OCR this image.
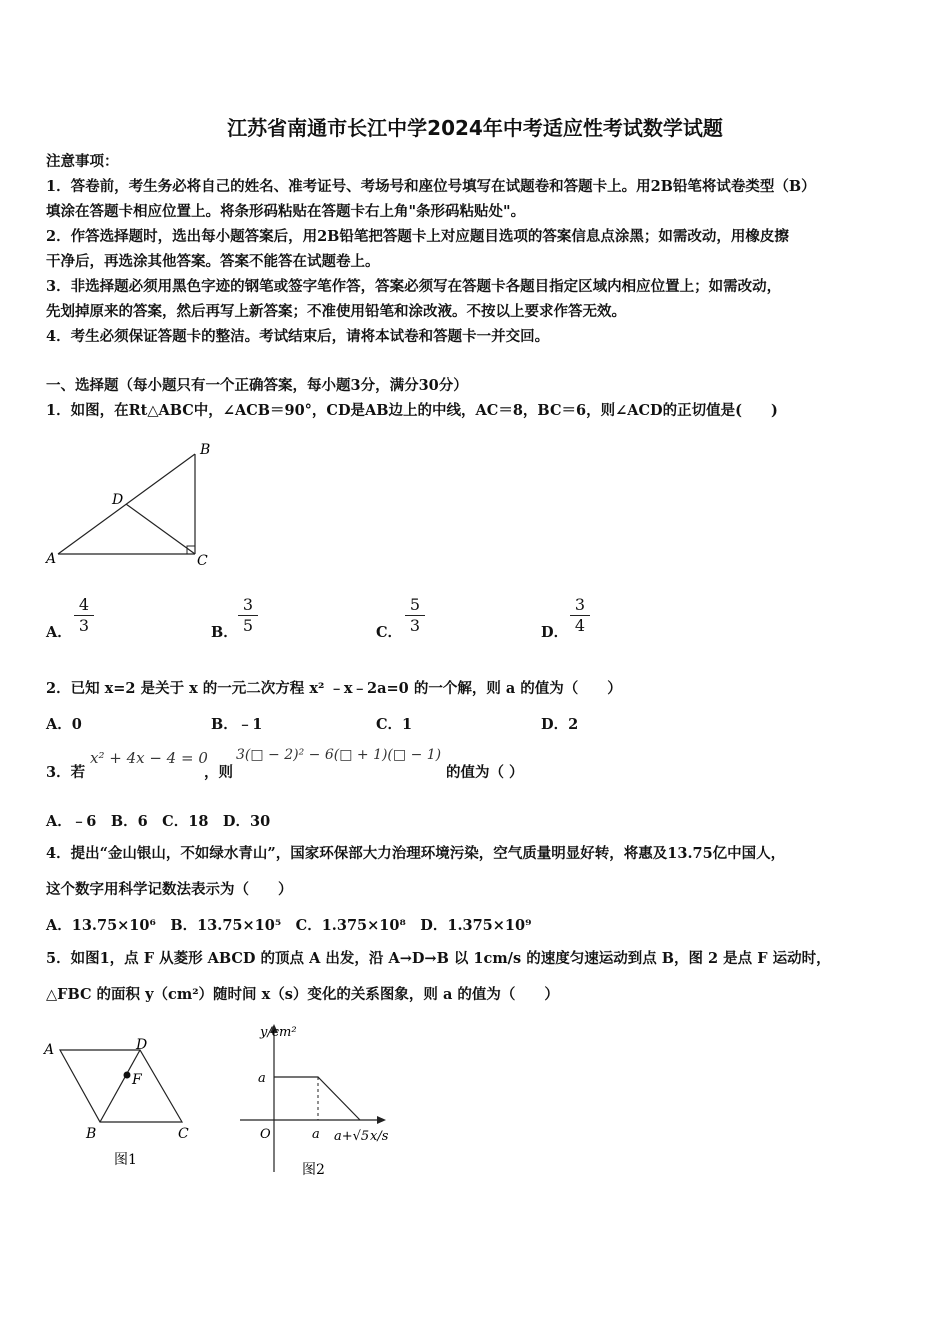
江苏省南通市长江中学2024年中考适应性考试数学试题
注意事项：
1．答卷前，考生务必将自己的姓名、准考证号、考场号和座位号填写在试题卷和答题卡上。用2B铅笔将试卷类型（B）
填涂在答题卡相应位置上。将条形码粘贴在答题卡右上角"条形码粘贴处"。
2．作答选择题时，选出每小题答案后，用2B铅笔把答题卡上对应题目选项的答案信息点涂黑；如需改动，用橡皮擦
干净后，再选涂其他答案。答案不能答在试题卷上。
3．非选择题必须用黑色字迹的钢笔或签字笔作答，答案必须写在答题卡各题目指定区域内相应位置上；如需改动，
先划掉原来的答案，然后再写上新答案；不准使用铅笔和涂改液。不按以上要求作答无效。
4．考生必须保证答题卡的整洁。考试结束后，请将本试卷和答题卡一并交回。
一、选择题（每小题只有一个正确答案，每小题3分，满分30分）
1．如图，在Rt△ABC中，∠ACB＝90°，CD是AB边上的中线，AC＝8，BC＝6，则∠ACD的正切值是(　　)
A
B
C
D
A．
4
3	B．
3
5	C．
5
3	D．
3
4
2．已知 x=2 是关于 x 的一元二次方程 x² ﹣x﹣2a=0 的一个解，则 a 的值为（　　）
A．0	B．﹣1	C．1	D．2
3．若
x² + 4x − 4 = 0
，则
3(□ − 2)² − 6(□ + 1)(□ − 1)
的值为（ ）
A．﹣6　B．6　C．18　D．30
4．提出“金山银山，不如绿水青山”，国家环保部大力治理环境污染，空气质量明显好转，将惠及13.75亿中国人，
这个数字用科学记数法表示为（　　）
A．13.75×10⁶　B．13.75×10⁵　C．1.375×10⁸　D．1.375×10⁹
5．如图1，点 F 从菱形 ABCD 的顶点 A 出发，沿 A→D→B 以 1cm/s 的速度匀速运动到点 B，图 2 是点 F 运动时，
△FBC 的面积 y（cm²）随时间 x（s）变化的关系图象，则 a 的值为（　　）
A	D
F
B	C
图1
y/cm²
x/s
O
a
a a+√5
图2
